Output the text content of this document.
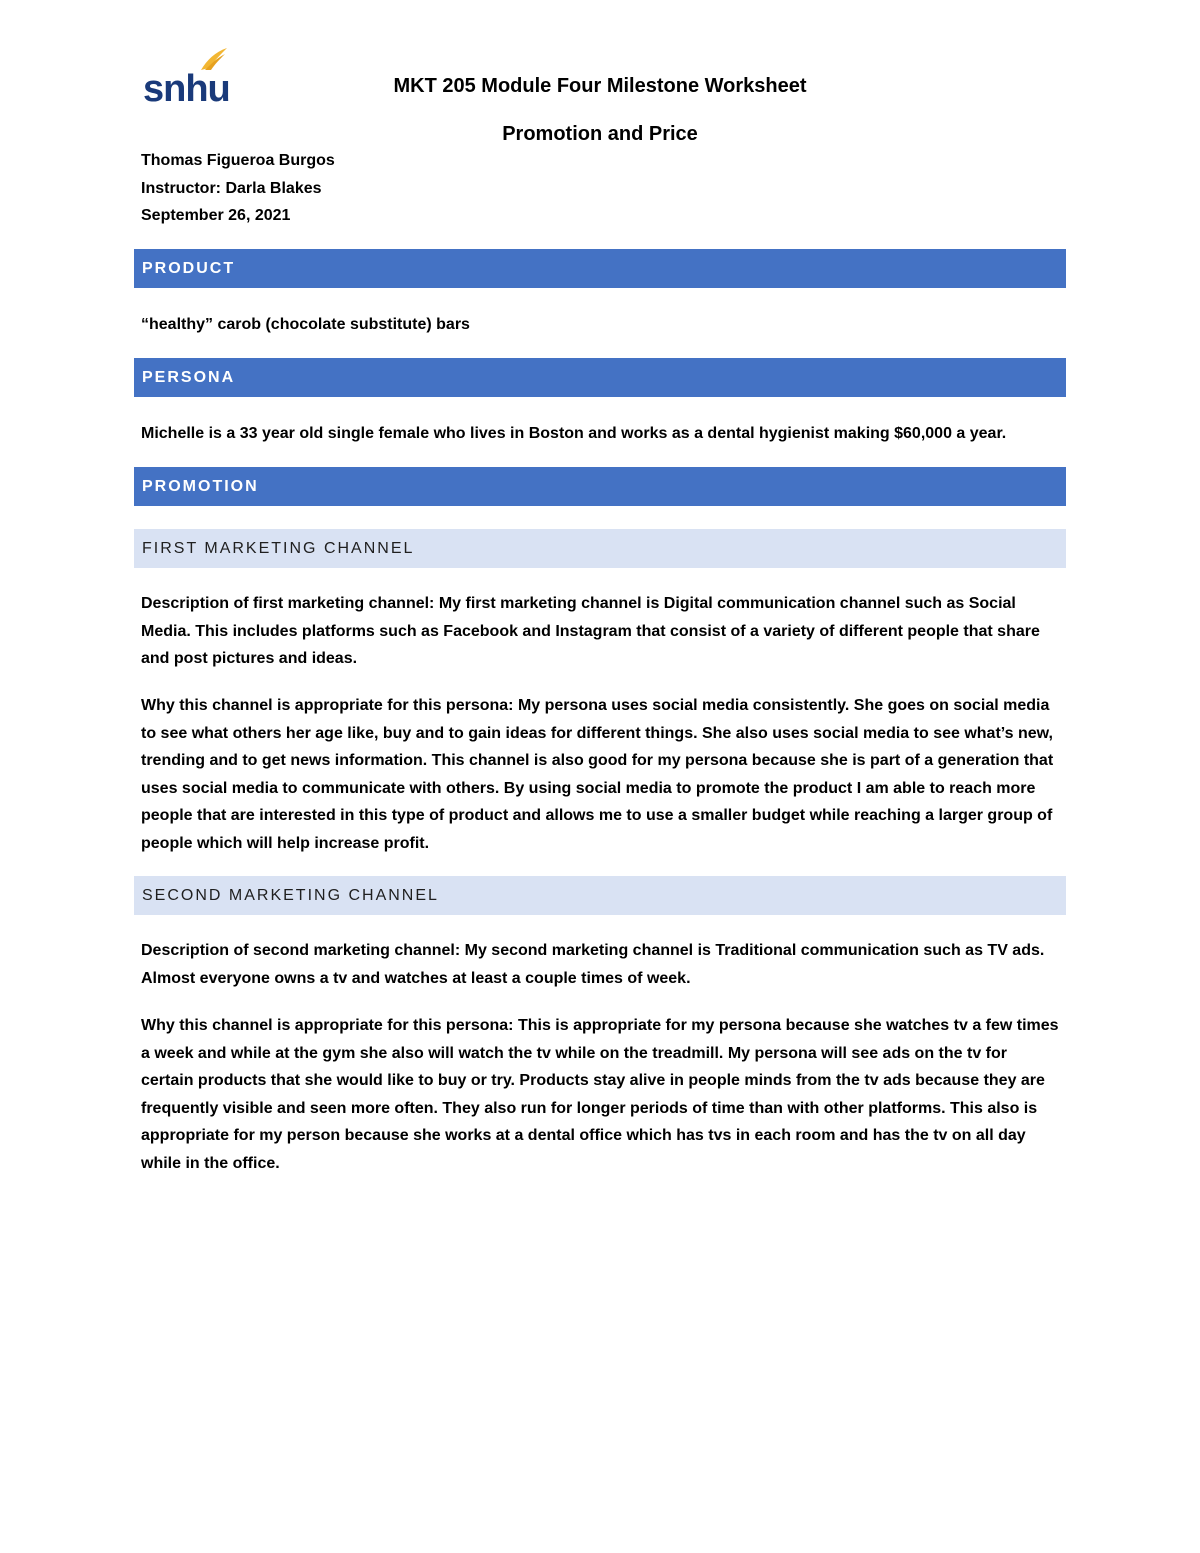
snhu	MKT 205 Module Four Milestone Worksheet
Promotion and Price
Thomas Figueroa Burgos
Instructor: Darla Blakes
September 26, 2021
PRODUCT
“healthy” carob (chocolate substitute) bars
PERSONA
Michelle is a 33 year old single female who lives in Boston and works as a dental hygienist making $60,000 a year.
PROMOTION
FIRST MARKETING CHANNEL
Description of first marketing channel: My first marketing channel is Digital communication channel such as Social Media. This includes platforms such as Facebook and Instagram that consist of a variety of different people that share and post pictures and ideas.
Why this channel is appropriate for this persona: My persona uses social media consistently. She goes on social media to see what others her age like, buy and to gain ideas for different things. She also uses social media to see what’s new, trending and to get news information. This channel is also good for my persona because she is part of a generation that uses social media to communicate with others. By using social media to promote the product I am able to reach more people that are interested in this type of product and allows me to use a smaller budget while reaching a larger group of people which will help increase profit.
SECOND MARKETING CHANNEL
Description of second marketing channel: My second marketing channel is Traditional communication such as TV ads. Almost everyone owns a tv and watches at least a couple times of week.
Why this channel is appropriate for this persona: This is appropriate for my persona because she watches tv a few times a week and while at the gym she also will watch the tv while on the treadmill. My persona will see ads on the tv for certain products that she would like to buy or try. Products stay alive in people minds from the tv ads because they are frequently visible and seen more often. They also run for longer periods of time than with other platforms. This also is appropriate for my person because she works at a dental office which has tvs in each room and has the tv on all day while in the office.
